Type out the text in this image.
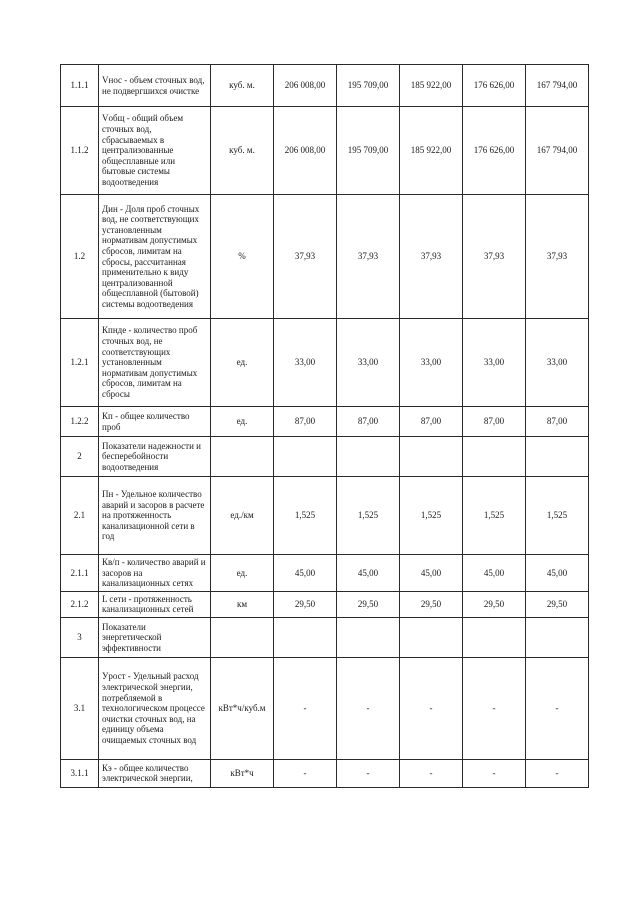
1.1.1	Vнос - объем сточных вод, не подвергшихся очистке	куб. м.	206 008,00	195 709,00	185 922,00	176 626,00	167 794,00
1.1.2	Vобщ - общий объем сточных вод, сбрасываемых в централизованные общесплавные или бытовые системы водоотведения	куб. м.	206 008,00	195 709,00	185 922,00	176 626,00	167 794,00
1.2	Дин - Доля проб сточных вод, не соответствующих установленным нормативам допустимых сбросов, лимитам на сбросы, рассчитанная применительно к виду централизованной общесплавной (бытовой) системы водоотведения	%	37,93	37,93	37,93	37,93	37,93
1.2.1	Кпнде - количество проб сточных вод, не соответствующих установленным нормативам допустимых сбросов, лимитам на сбросы	ед.	33,00	33,00	33,00	33,00	33,00
1.2.2	Кп - общее количество проб	ед.	87,00	87,00	87,00	87,00	87,00
2	Показатели надежности и бесперебойности водоотведения						
2.1	Пн - Удельное количество аварий и засоров в расчете на протяженность канализационной сети в год	ед./км	1,525	1,525	1,525	1,525	1,525
2.1.1	Кв/п - количество аварий и засоров на канализационных сетях	ед.	45,00	45,00	45,00	45,00	45,00
2.1.2	L сети - протяженность канализационных сетей	км	29,50	29,50	29,50	29,50	29,50
3	Показатели энергетической эффективности						
3.1	Уpост - Удельный расход электрической энергии, потребляемой в технологическом процессе очистки сточных вод, на единицу объема очищаемых сточных вод	кВт*ч/куб.м	-	-	-	-	-
3.1.1	Кэ - общее количество электрической энергии,	кВт*ч	-	-	-	-	-
